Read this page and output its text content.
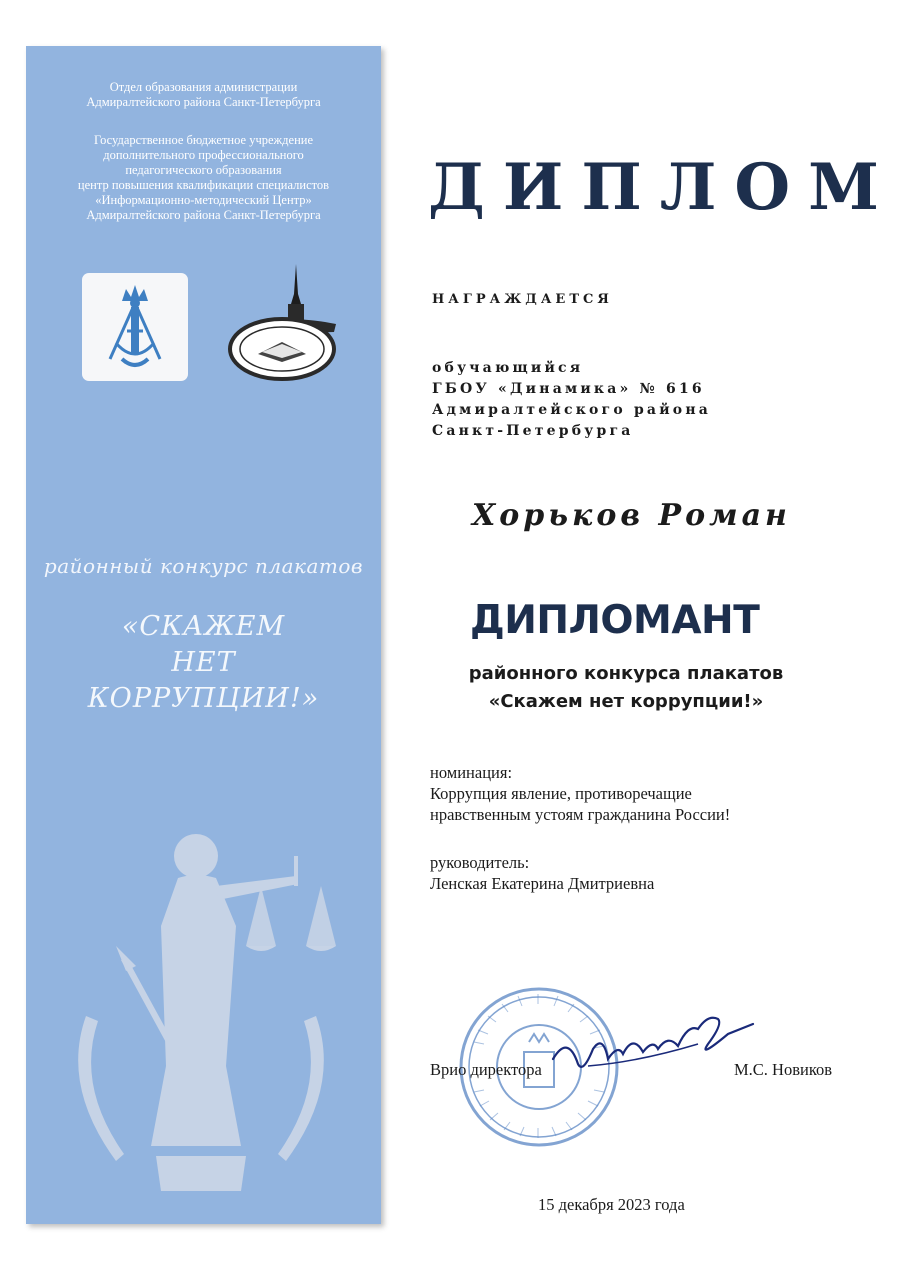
Отдел образования администрации
Адмиралтейского района Санкт-Петербурга
Государственное бюджетное учреждение
дополнительного профессионального
педагогического образования
центр повышения квалификации специалистов
«Информационно-методический Центр»
Адмиралтейского района Санкт-Петербурга
районный конкурс плакатов
«СКАЖЕМ
НЕТ
КОРРУПЦИИ!»
ДИПЛОМ
НАГРАЖДАЕТСЯ
обучающийся
ГБОУ «Динамика» № 616
Адмиралтейского района
Санкт-Петербурга
Хорьков Роман
ДИПЛОМАНТ
районного конкурса плакатов
«Скажем нет коррупции!»
номинация:
Коррупция явление, противоречащие
нравственным устоям гражданина России!
руководитель:
Ленская Екатерина Дмитриевна
Врио директора	М.С. Новиков
15 декабря 2023 года
